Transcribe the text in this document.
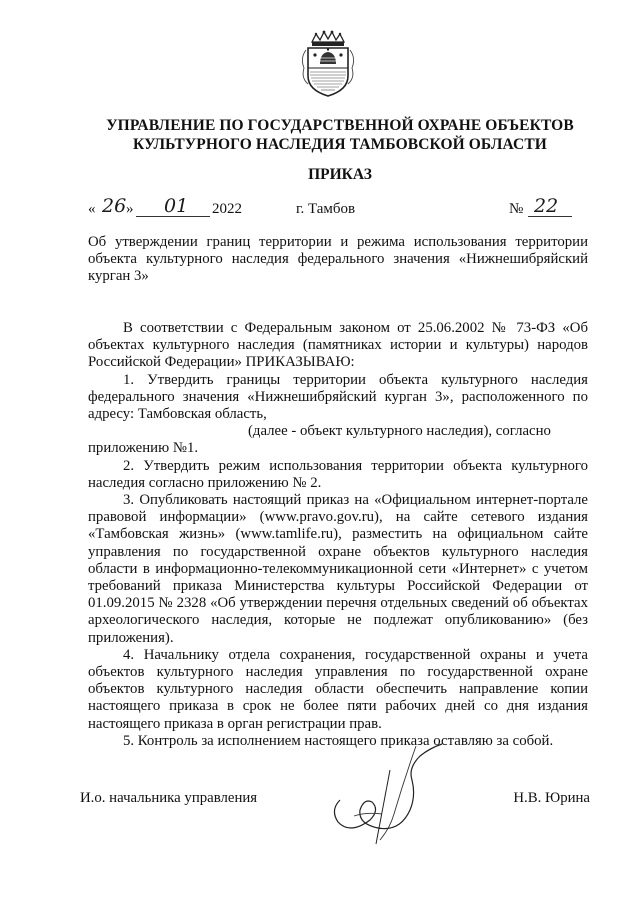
УПРАВЛЕНИЕ ПО ГОСУДАРСТВЕННОЙ ОХРАНЕ ОБЪЕКТОВ
КУЛЬТУРНОГО НАСЛЕДИЯ ТАМБОВСКОЙ ОБЛАСТИ
ПРИКАЗ
« 26 » 01 2022	г. Тамбов	№ 22
Об утверждении границ территории и режима использования территории объекта культурного наследия федерального значения «Нижнешибряйский курган 3»

В соответствии с Федеральным законом от 25.06.2002 № 73-ФЗ «Об объектах культурного наследия (памятниках истории и культуры) народов Российской Федерации» ПРИКАЗЫВАЮ:

1. Утвердить границы территории объекта культурного наследия федерального значения «Нижнешибряйский курган 3», расположенного по адресу: Тамбовская область,

(далее - объект культурного наследия), согласно

приложению №1.

2. Утвердить режим использования территории объекта культурного наследия согласно приложению № 2.

3. Опубликовать настоящий приказ на «Официальном интернет-портале правовой информации» (www.pravo.gov.ru), на сайте сетевого издания «Тамбовская жизнь» (www.tamlife.ru), разместить на официальном сайте управления по государственной охране объектов культурного наследия области в информационно-телекоммуникационной сети «Интернет» с учетом требований приказа Министерства культуры Российской Федерации от 01.09.2015 № 2328 «Об утверждении перечня отдельных сведений об объектах археологического наследия, которые не подлежат опубликованию» (без приложения).

4. Начальнику отдела сохранения, государственной охраны и учета объектов культурного наследия управления по государственной охране объектов культурного наследия области обеспечить направление копии настоящего приказа в срок не более пяти рабочих дней со дня издания настоящего приказа в орган регистрации прав.

5. Контроль за исполнением настоящего приказа оставляю за собой.

И.о. начальника управления	Н.В. Юрина
